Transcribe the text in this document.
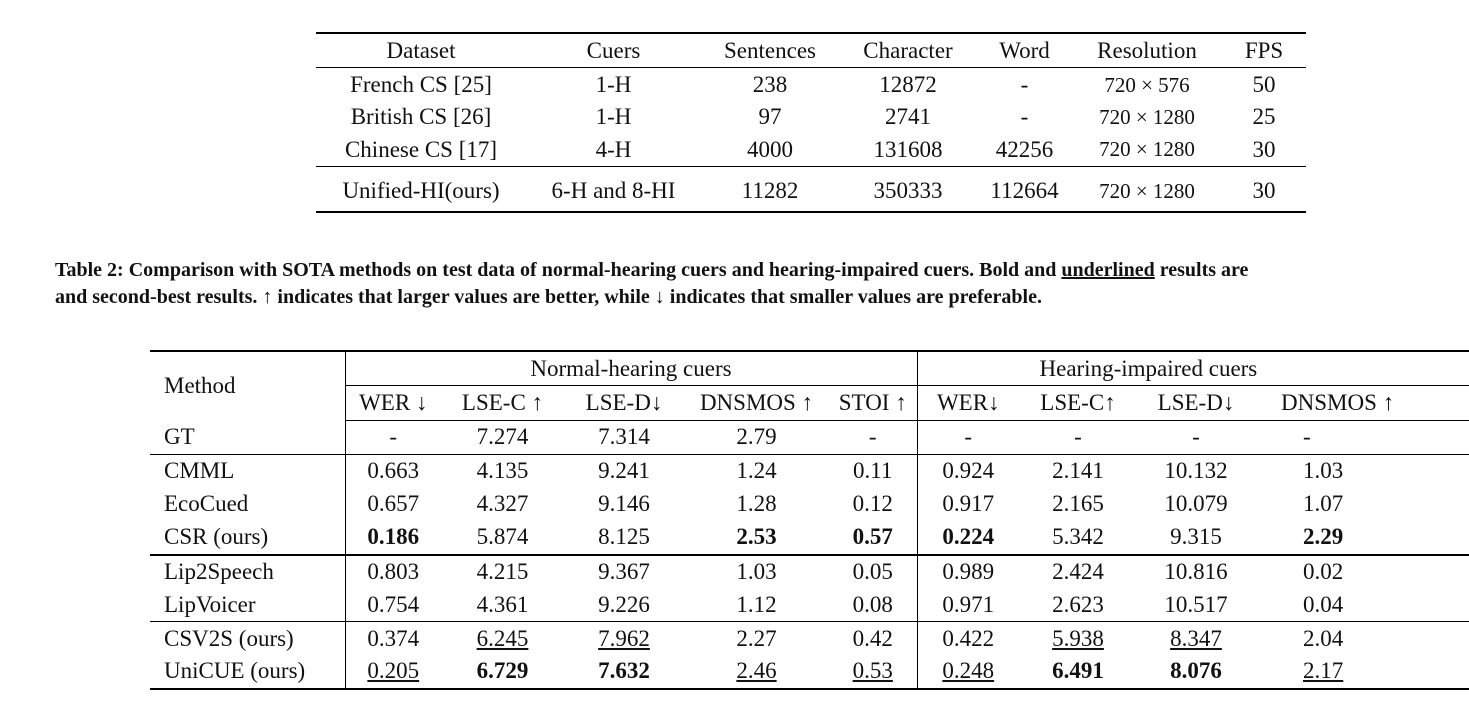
Dataset	Cuers	Sentences	Character	Word	Resolution	FPS
French CS [25]	1-H	238	12872	-	720 × 576	50
British CS [26]	1-H	97	2741	-	720 × 1280	25
Chinese CS [17]	4-H	4000	131608	42256	720 × 1280	30
Unified-HI(ours)	6-H and 8-HI	11282	350333	112664	720 × 1280	30
Table 2: Comparison with SOTA methods on test data of normal-hearing cuers and hearing-impaired cuers. Bold and underlined results are
and second-best results. ↑ indicates that larger values are better, while ↓ indicates that smaller values are preferable.
Method	Normal-hearing cuers					Hearing-impaired cuers			
	WER ↓	LSE-C ↑	LSE-D↓	DNSMOS ↑	STOI ↑	WER↓	LSE-C↑	LSE-D↓	DNSMOS ↑
GT	-	7.274	7.314	2.79	-	-	-	-	-
CMML	0.663	4.135	9.241	1.24	0.11	0.924	2.141	10.132	1.03
EcoCued	0.657	4.327	9.146	1.28	0.12	0.917	2.165	10.079	1.07
CSR (ours)	0.186	5.874	8.125	2.53	0.57	0.224	5.342	9.315	2.29
Lip2Speech	0.803	4.215	9.367	1.03	0.05	0.989	2.424	10.816	0.02
LipVoicer	0.754	4.361	9.226	1.12	0.08	0.971	2.623	10.517	0.04
CSV2S (ours)	0.374	6.245	7.962	2.27	0.42	0.422	5.938	8.347	2.04
UniCUE (ours)	0.205	6.729	7.632	2.46	0.53	0.248	6.491	8.076	2.17
